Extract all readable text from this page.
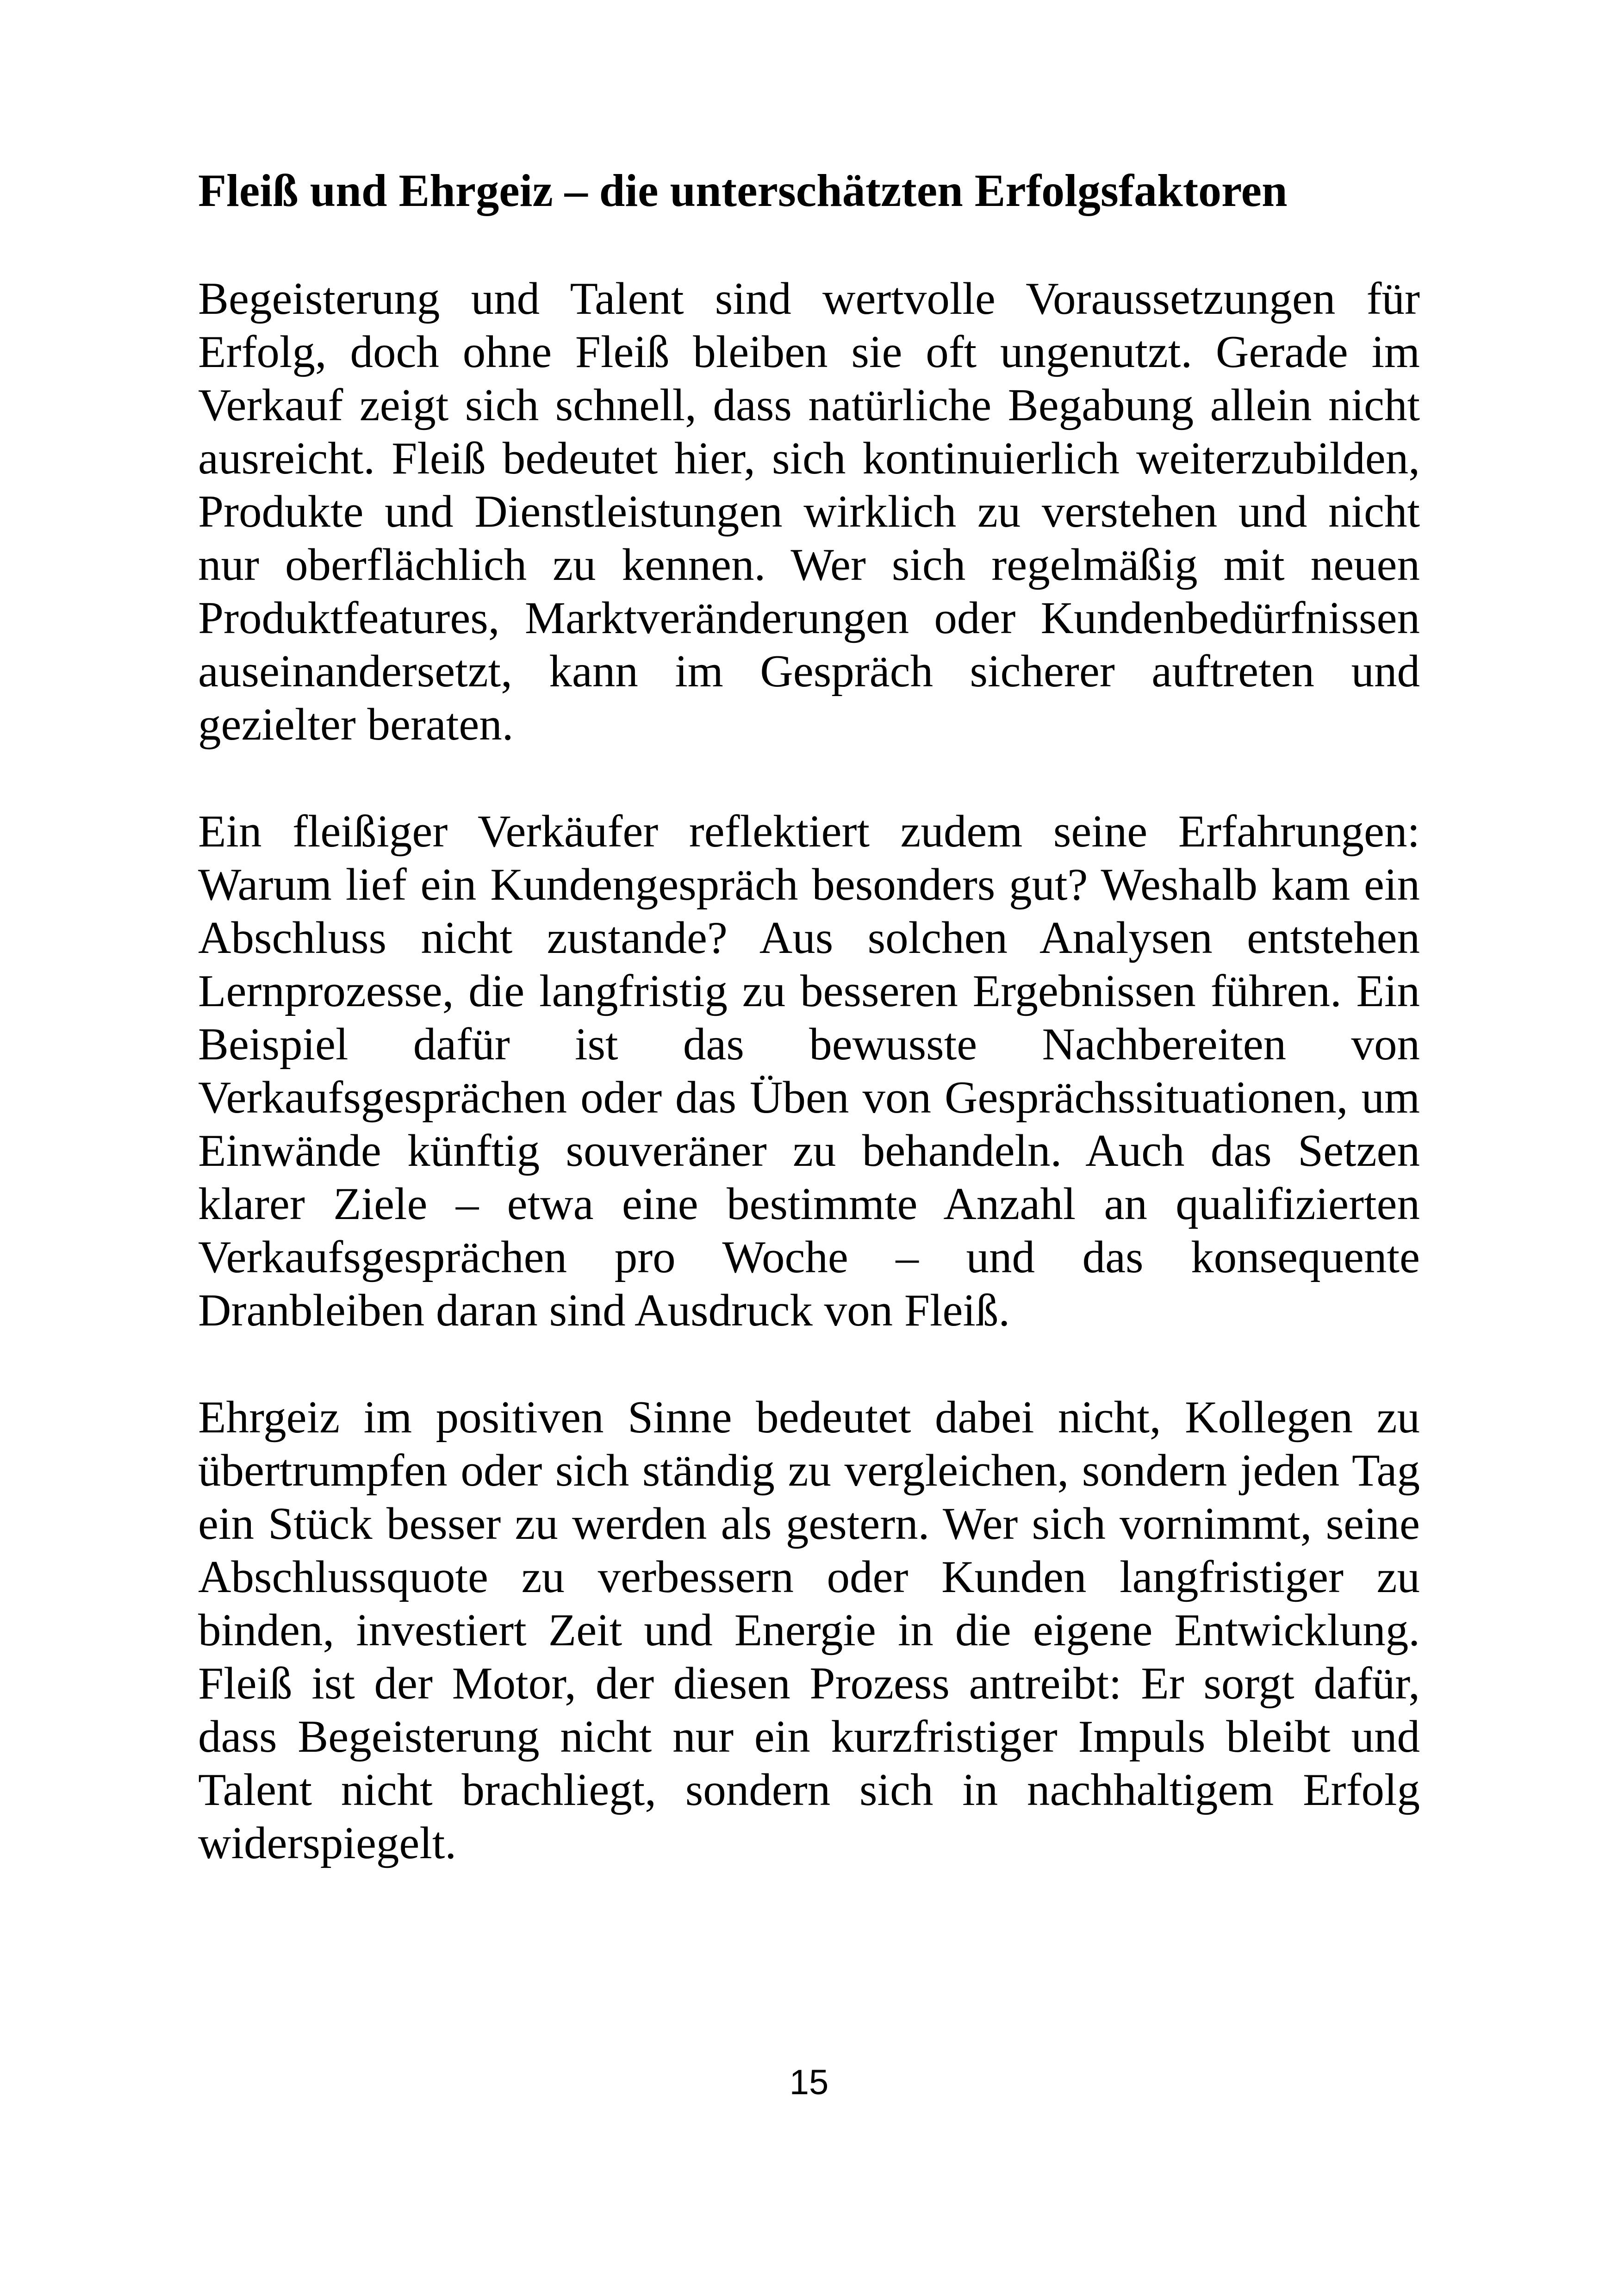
Fleiß und Ehrgeiz – die unterschätzten Erfolgsfaktoren

Begeisterung und Talent sind wertvolle Voraussetzungen für Erfolg, doch ohne Fleiß bleiben sie oft ungenutzt. Gerade im Verkauf zeigt sich schnell, dass natürliche Begabung allein nicht ausreicht. Fleiß bedeutet hier, sich kontinuierlich weiterzubilden, Produkte und Dienstleistungen wirklich zu verstehen und nicht nur oberflächlich zu kennen. Wer sich regelmäßig mit neuen Produktfeatures, Marktveränderungen oder Kundenbedürfnissen auseinandersetzt, kann im Gespräch sicherer auftreten und gezielter beraten.

Ein fleißiger Verkäufer reflektiert zudem seine Erfahrungen: Warum lief ein Kundengespräch besonders gut? Weshalb kam ein Abschluss nicht zustande? Aus solchen Analysen entstehen Lernprozesse, die langfristig zu besseren Ergebnissen führen. Ein Beispiel dafür ist das bewusste Nachbereiten von Verkaufsgesprächen oder das Üben von Gesprächssituationen, um Einwände künftig souveräner zu behandeln. Auch das Setzen klarer Ziele – etwa eine bestimmte Anzahl an qualifizierten Verkaufsgesprächen pro Woche – und das konsequente Dranbleiben daran sind Ausdruck von Fleiß.

Ehrgeiz im positiven Sinne bedeutet dabei nicht, Kollegen zu übertrumpfen oder sich ständig zu vergleichen, sondern jeden Tag ein Stück besser zu werden als gestern. Wer sich vornimmt, seine Abschlussquote zu verbessern oder Kunden langfristiger zu binden, investiert Zeit und Energie in die eigene Entwicklung. Fleiß ist der Motor, der diesen Prozess antreibt: Er sorgt dafür, dass Begeisterung nicht nur ein kurzfristiger Impuls bleibt und Talent nicht brachliegt, sondern sich in nachhaltigem Erfolg widerspiegelt.

15
